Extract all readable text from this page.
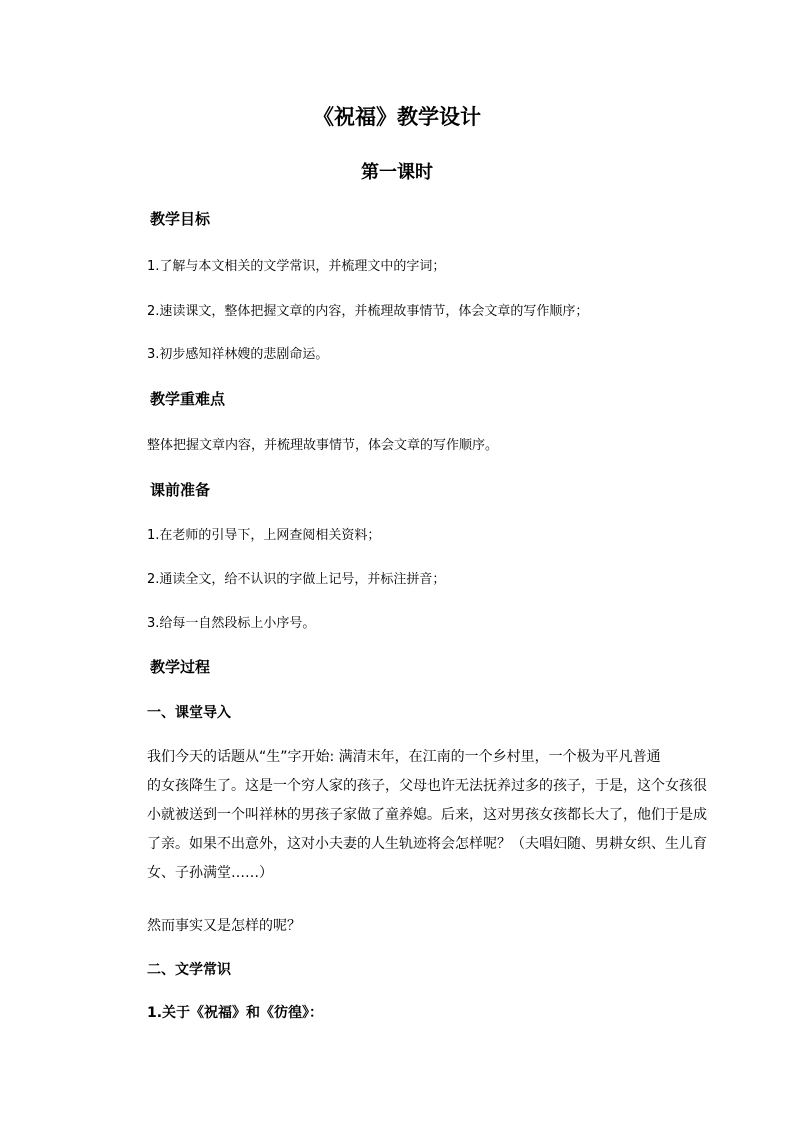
《祝福》教学设计
第一课时
教学目标
1.了解与本文相关的文学常识，并梳理文中的字词；
2.速读课文，整体把握文章的内容，并梳理故事情节，体会文章的写作顺序；
3.初步感知祥林嫂的悲剧命运。
教学重难点
整体把握文章内容，并梳理故事情节，体会文章的写作顺序。
课前准备
1.在老师的引导下，上网查阅相关资料；
2.通读全文，给不认识的字做上记号，并标注拼音；
3.给每一自然段标上小序号。
教学过程
一、课堂导入
我们今天的话题从“生”字开始: 满清末年，在江南的一个乡村里，一个极为平凡普通
的女孩降生了。这是一个穷人家的孩子，父母也许无法抚养过多的孩子，于是，这个女孩很
小就被送到一个叫祥林的男孩子家做了童养媳。后来，这对男孩女孩都长大了，他们于是成
了亲。如果不出意外，这对小夫妻的人生轨迹将会怎样呢？（夫唱妇随、男耕女织、生儿育
女、子孙满堂……）
然而事实又是怎样的呢？
二、文学常识
1.关于《祝福》和《彷徨》：
